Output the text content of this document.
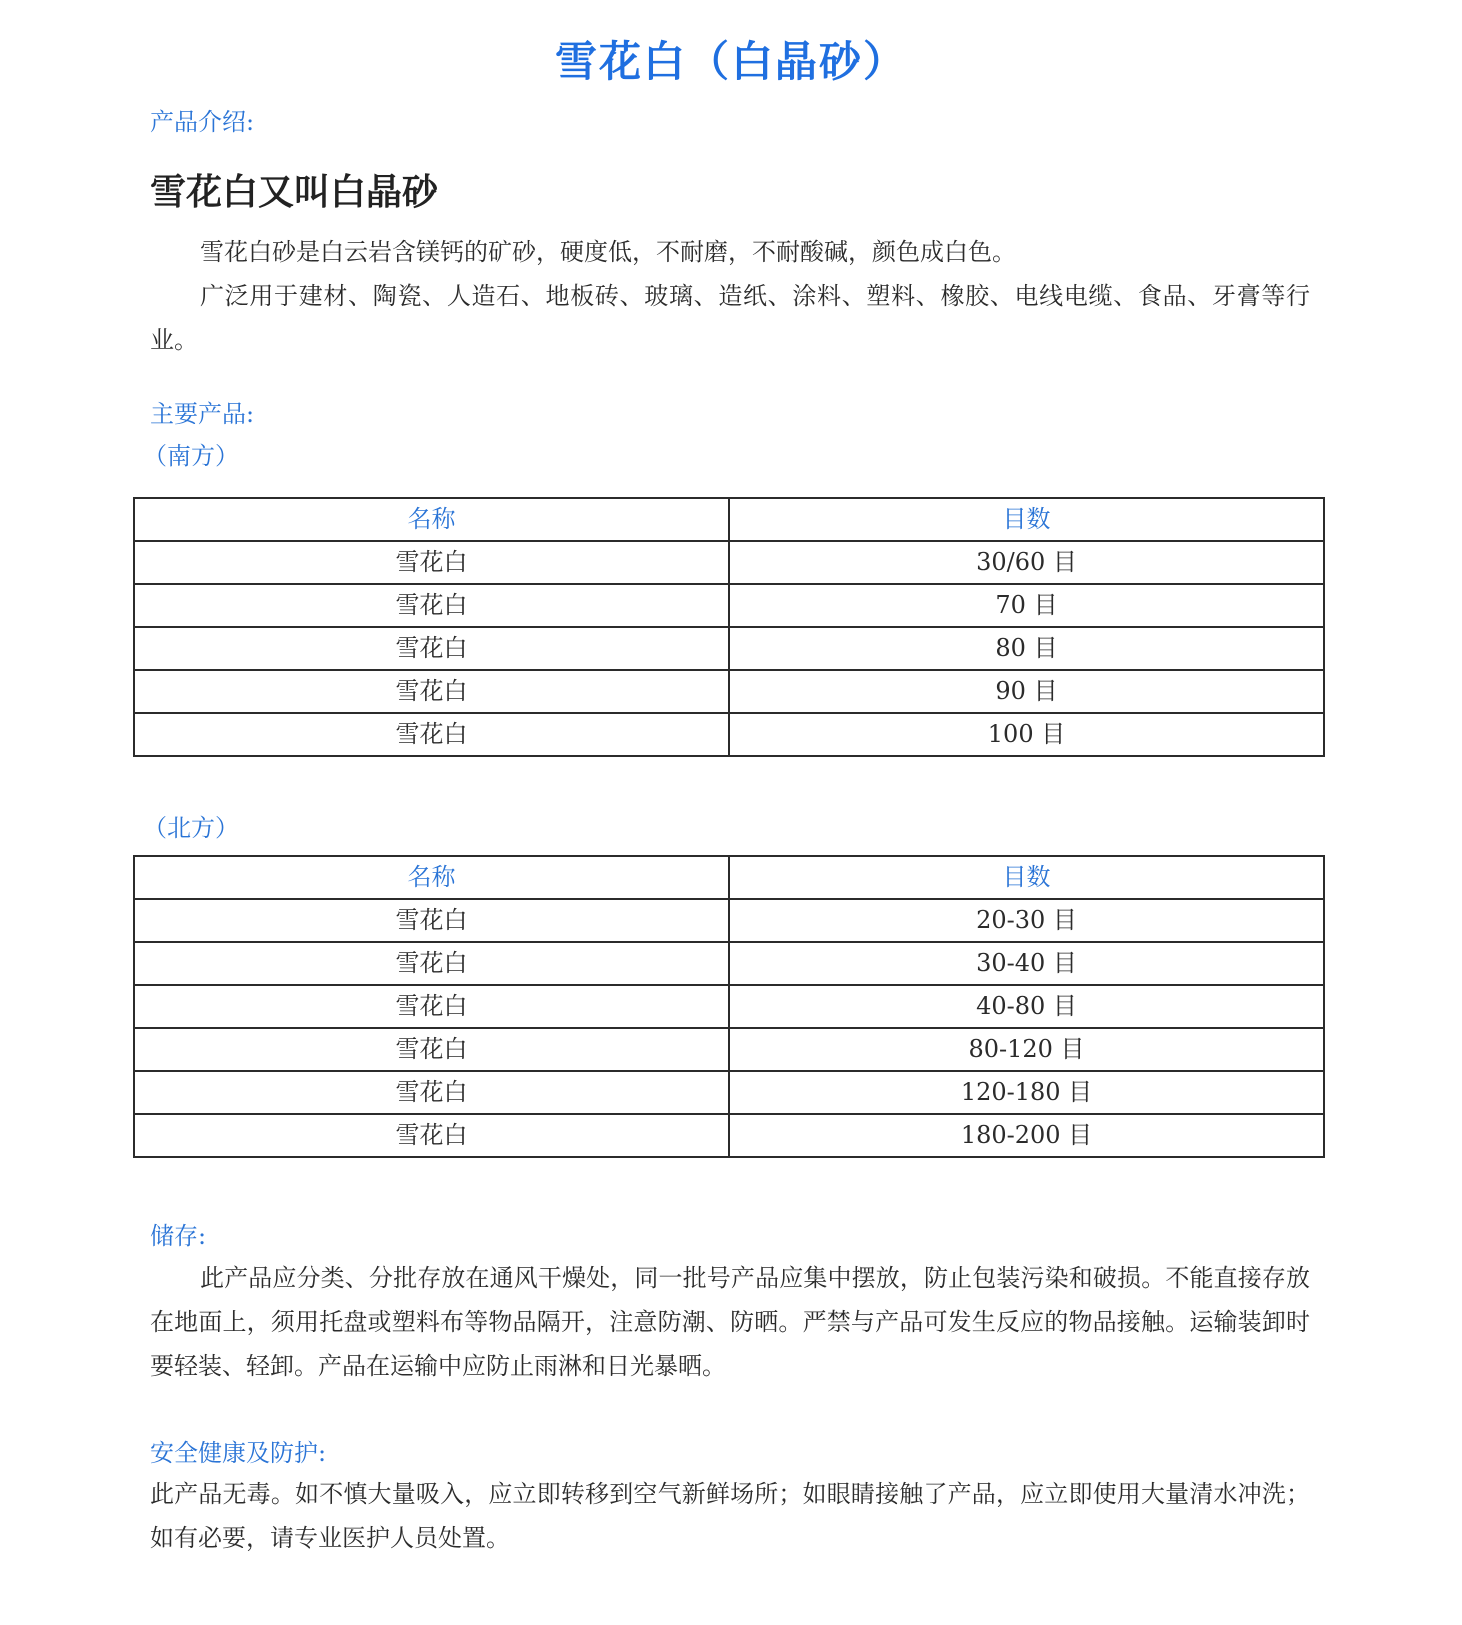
雪花白（白晶砂）
产品介绍:
雪花白又叫白晶砂

雪花白砂是白云岩含镁钙的矿砂，硬度低，不耐磨，不耐酸碱，颜色成白色。

广泛用于建材、陶瓷、人造石、地板砖、玻璃、造纸、涂料、塑料、橡胶、电线电缆、食品、牙膏等行业。

主要产品:
（南方）
名称	目数
雪花白	30/60 目
雪花白	70 目
雪花白	80 目
雪花白	90 目
雪花白	100 目
（北方）
名称	目数
雪花白	20-30 目
雪花白	30-40 目
雪花白	40-80 目
雪花白	80-120 目
雪花白	120-180 目
雪花白	180-200 目
储存:

此产品应分类、分批存放在通风干燥处，同一批号产品应集中摆放，防止包装污染和破损。不能直接存放在地面上，须用托盘或塑料布等物品隔开，注意防潮、防晒。严禁与产品可发生反应的物品接触。运输装卸时要轻装、轻卸。产品在运输中应防止雨淋和日光暴晒。

安全健康及防护:

此产品无毒。如不慎大量吸入，应立即转移到空气新鲜场所；如眼睛接触了产品，应立即使用大量清水冲洗；如有必要，请专业医护人员处置。
